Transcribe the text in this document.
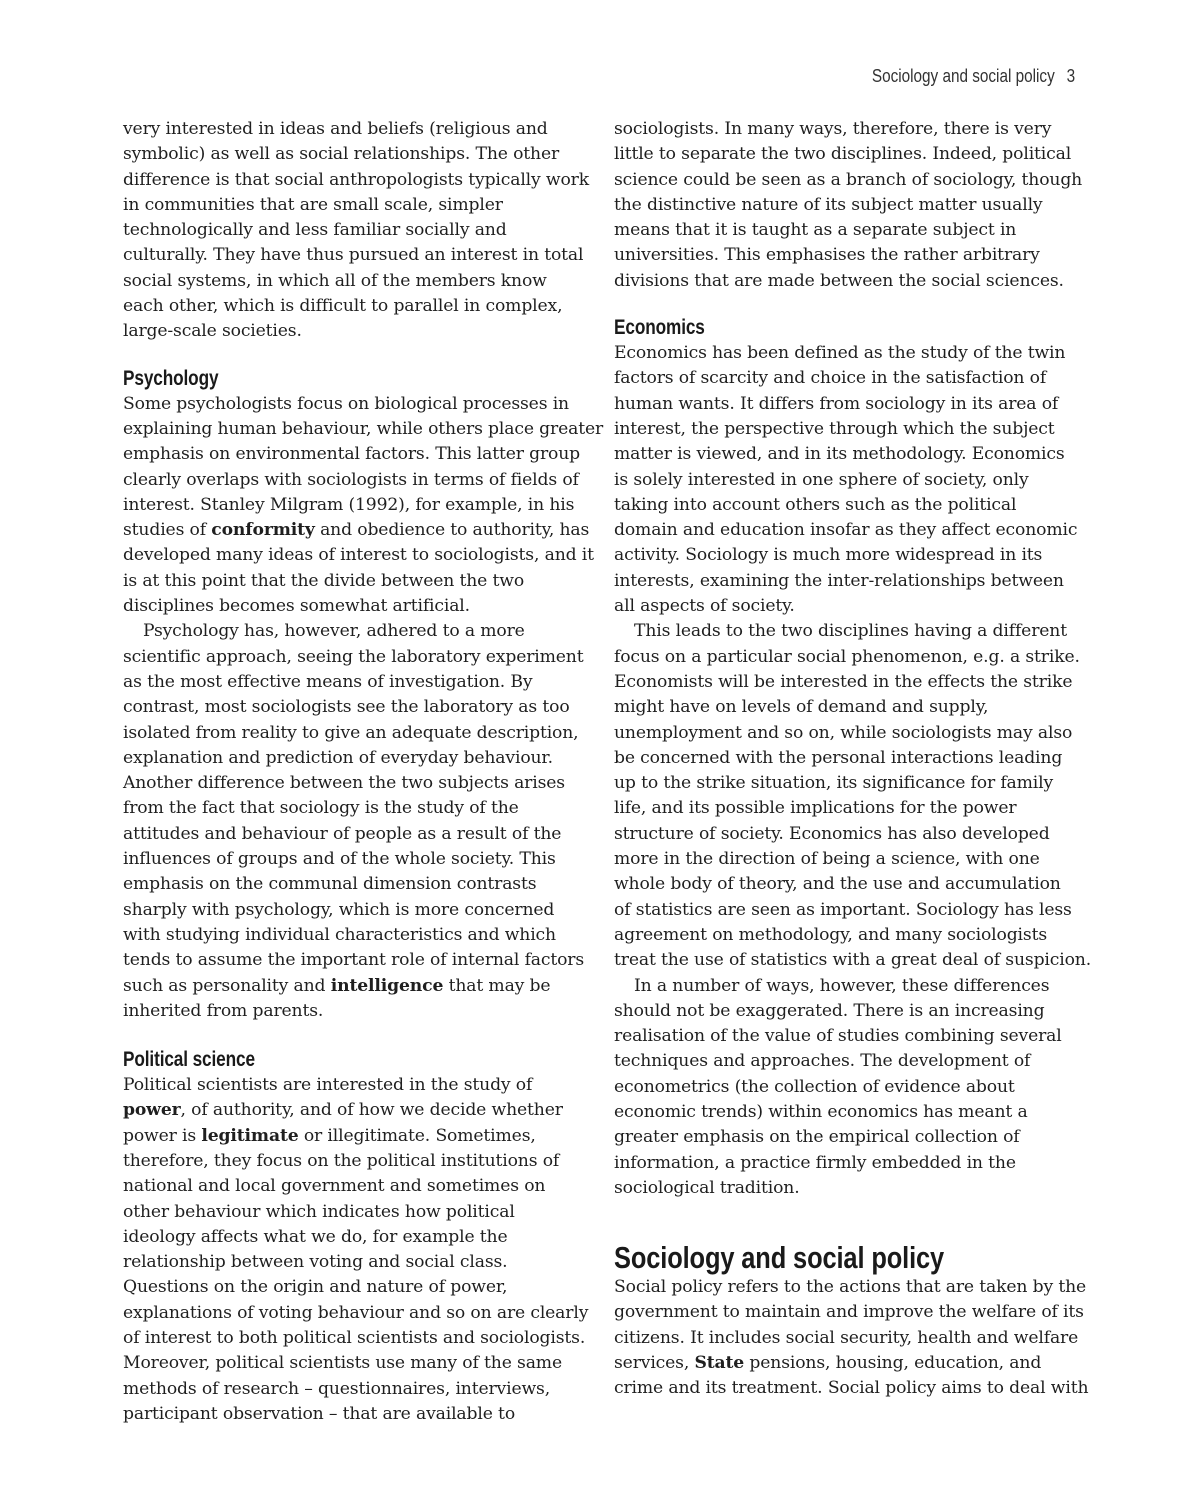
Sociology and social policy 3

very interested in ideas and beliefs (religious and
symbolic) as well as social relationships. The other
difference is that social anthropologists typically work
in communities that are small scale, simpler
technologically and less familiar socially and
culturally. They have thus pursued an interest in total
social systems, in which all of the members know
each other, which is difficult to parallel in complex,
large-scale societies.

Psychology

Some psychologists focus on biological processes in
explaining human behaviour, while others place greater
emphasis on environmental factors. This latter group
clearly overlaps with sociologists in terms of fields of
interest. Stanley Milgram (1992), for example, in his
studies of conformity and obedience to authority, has
developed many ideas of interest to sociologists, and it
is at this point that the divide between the two
disciplines becomes somewhat artificial.

Psychology has, however, adhered to a more
scientific approach, seeing the laboratory experiment
as the most effective means of investigation. By
contrast, most sociologists see the laboratory as too
isolated from reality to give an adequate description,
explanation and prediction of everyday behaviour.
Another difference between the two subjects arises
from the fact that sociology is the study of the
attitudes and behaviour of people as a result of the
influences of groups and of the whole society. This
emphasis on the communal dimension contrasts
sharply with psychology, which is more concerned
with studying individual characteristics and which
tends to assume the important role of internal factors
such as personality and intelligence that may be
inherited from parents.

Political science

Political scientists are interested in the study of
power, of authority, and of how we decide whether
power is legitimate or illegitimate. Sometimes,
therefore, they focus on the political institutions of
national and local government and sometimes on
other behaviour which indicates how political
ideology affects what we do, for example the
relationship between voting and social class.
Questions on the origin and nature of power,
explanations of voting behaviour and so on are clearly
of interest to both political scientists and sociologists.
Moreover, political scientists use many of the same
methods of research – questionnaires, interviews,
participant observation – that are available to

sociologists. In many ways, therefore, there is very
little to separate the two disciplines. Indeed, political
science could be seen as a branch of sociology, though
the distinctive nature of its subject matter usually
means that it is taught as a separate subject in
universities. This emphasises the rather arbitrary
divisions that are made between the social sciences.

Economics

Economics has been defined as the study of the twin
factors of scarcity and choice in the satisfaction of
human wants. It differs from sociology in its area of
interest, the perspective through which the subject
matter is viewed, and in its methodology. Economics
is solely interested in one sphere of society, only
taking into account others such as the political
domain and education insofar as they affect economic
activity. Sociology is much more widespread in its
interests, examining the inter-relationships between
all aspects of society.

This leads to the two disciplines having a different
focus on a particular social phenomenon, e.g. a strike.
Economists will be interested in the effects the strike
might have on levels of demand and supply,
unemployment and so on, while sociologists may also
be concerned with the personal interactions leading
up to the strike situation, its significance for family
life, and its possible implications for the power
structure of society. Economics has also developed
more in the direction of being a science, with one
whole body of theory, and the use and accumulation
of statistics are seen as important. Sociology has less
agreement on methodology, and many sociologists
treat the use of statistics with a great deal of suspicion.

In a number of ways, however, these differences
should not be exaggerated. There is an increasing
realisation of the value of studies combining several
techniques and approaches. The development of
econometrics (the collection of evidence about
economic trends) within economics has meant a
greater emphasis on the empirical collection of
information, a practice firmly embedded in the
sociological tradition.

Sociology and social policy

Social policy refers to the actions that are taken by the
government to maintain and improve the welfare of its
citizens. It includes social security, health and welfare
services, State pensions, housing, education, and
crime and its treatment. Social policy aims to deal with
